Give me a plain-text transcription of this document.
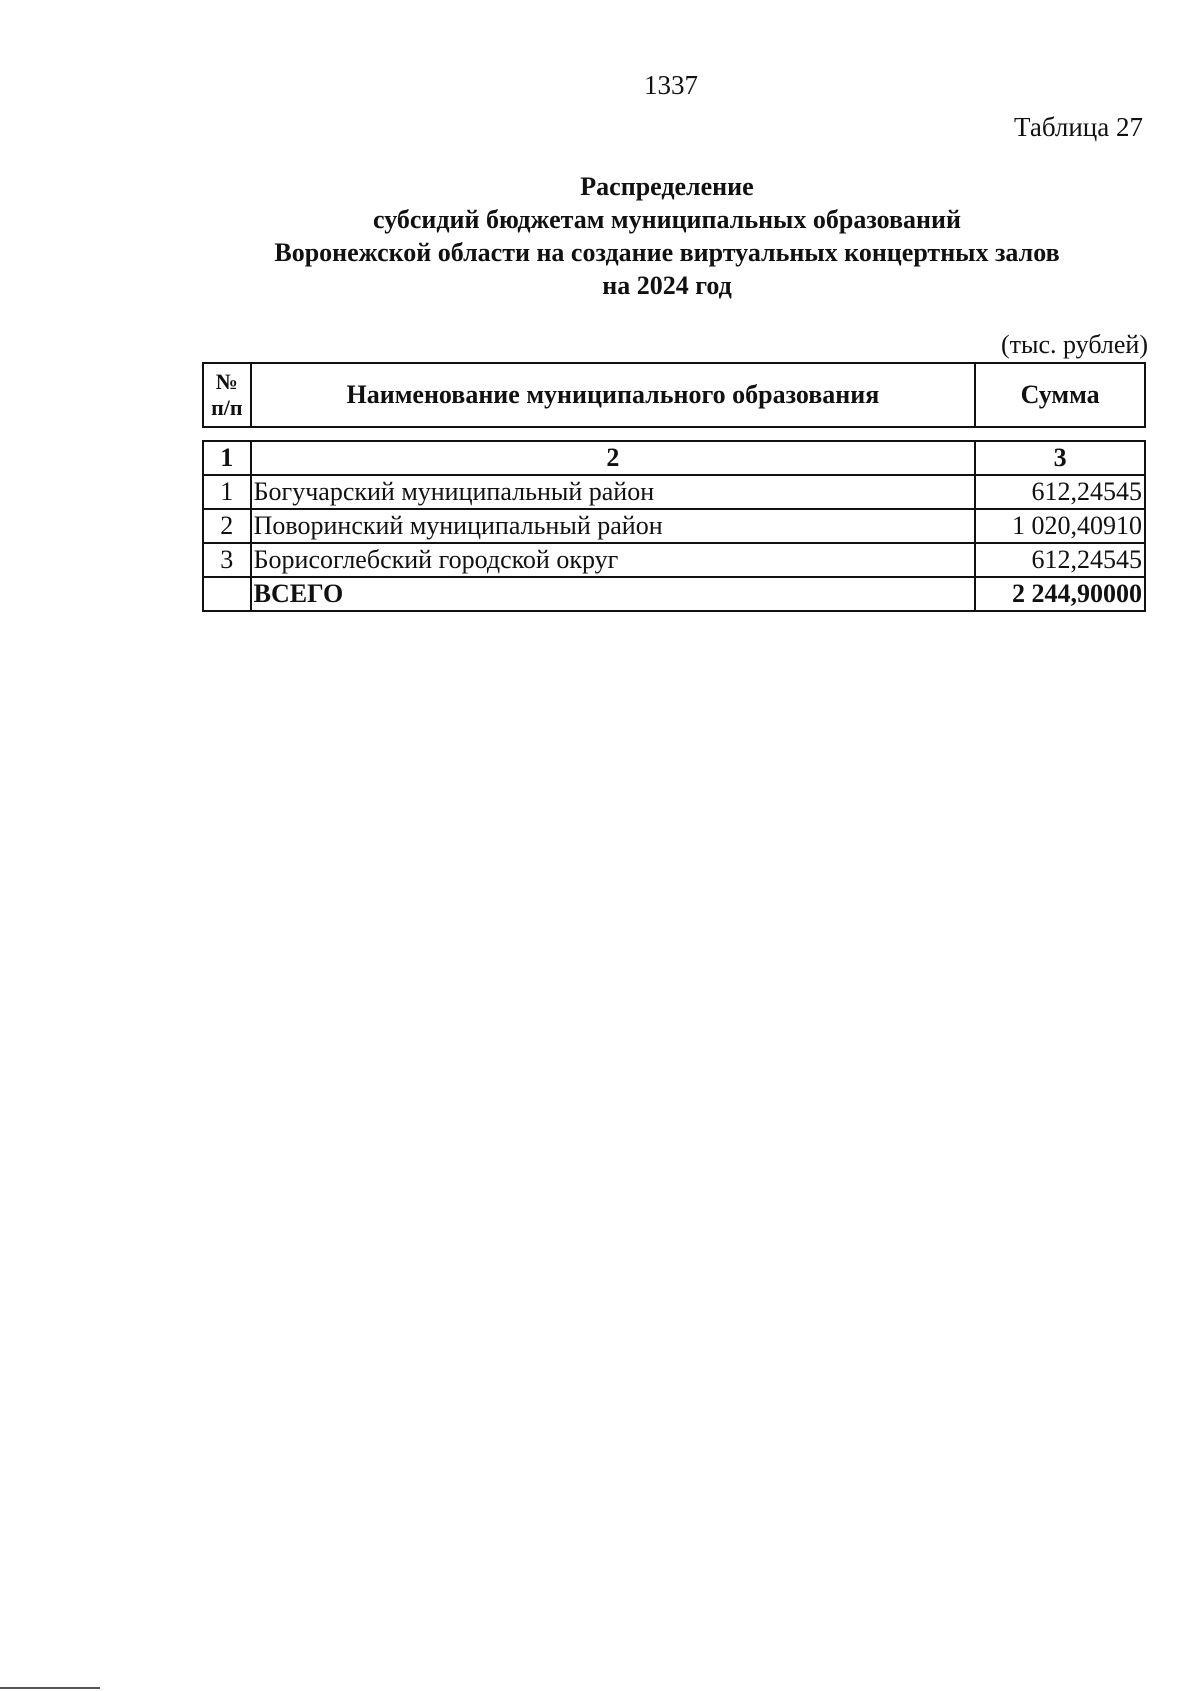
1337
Таблица 27
Распределение
субсидий бюджетам муниципальных образований
Воронежской области на создание виртуальных концертных залов
на 2024 год
(тыс. рублей)
№
п/п	Наименование муниципального образования	Сумма
1	2	3
1	Богучарский муниципальный район	612,24545
2	Поворинский муниципальный район	1 020,40910
3	Борисоглебский городской округ	612,24545
	ВСЕГО	2 244,90000
